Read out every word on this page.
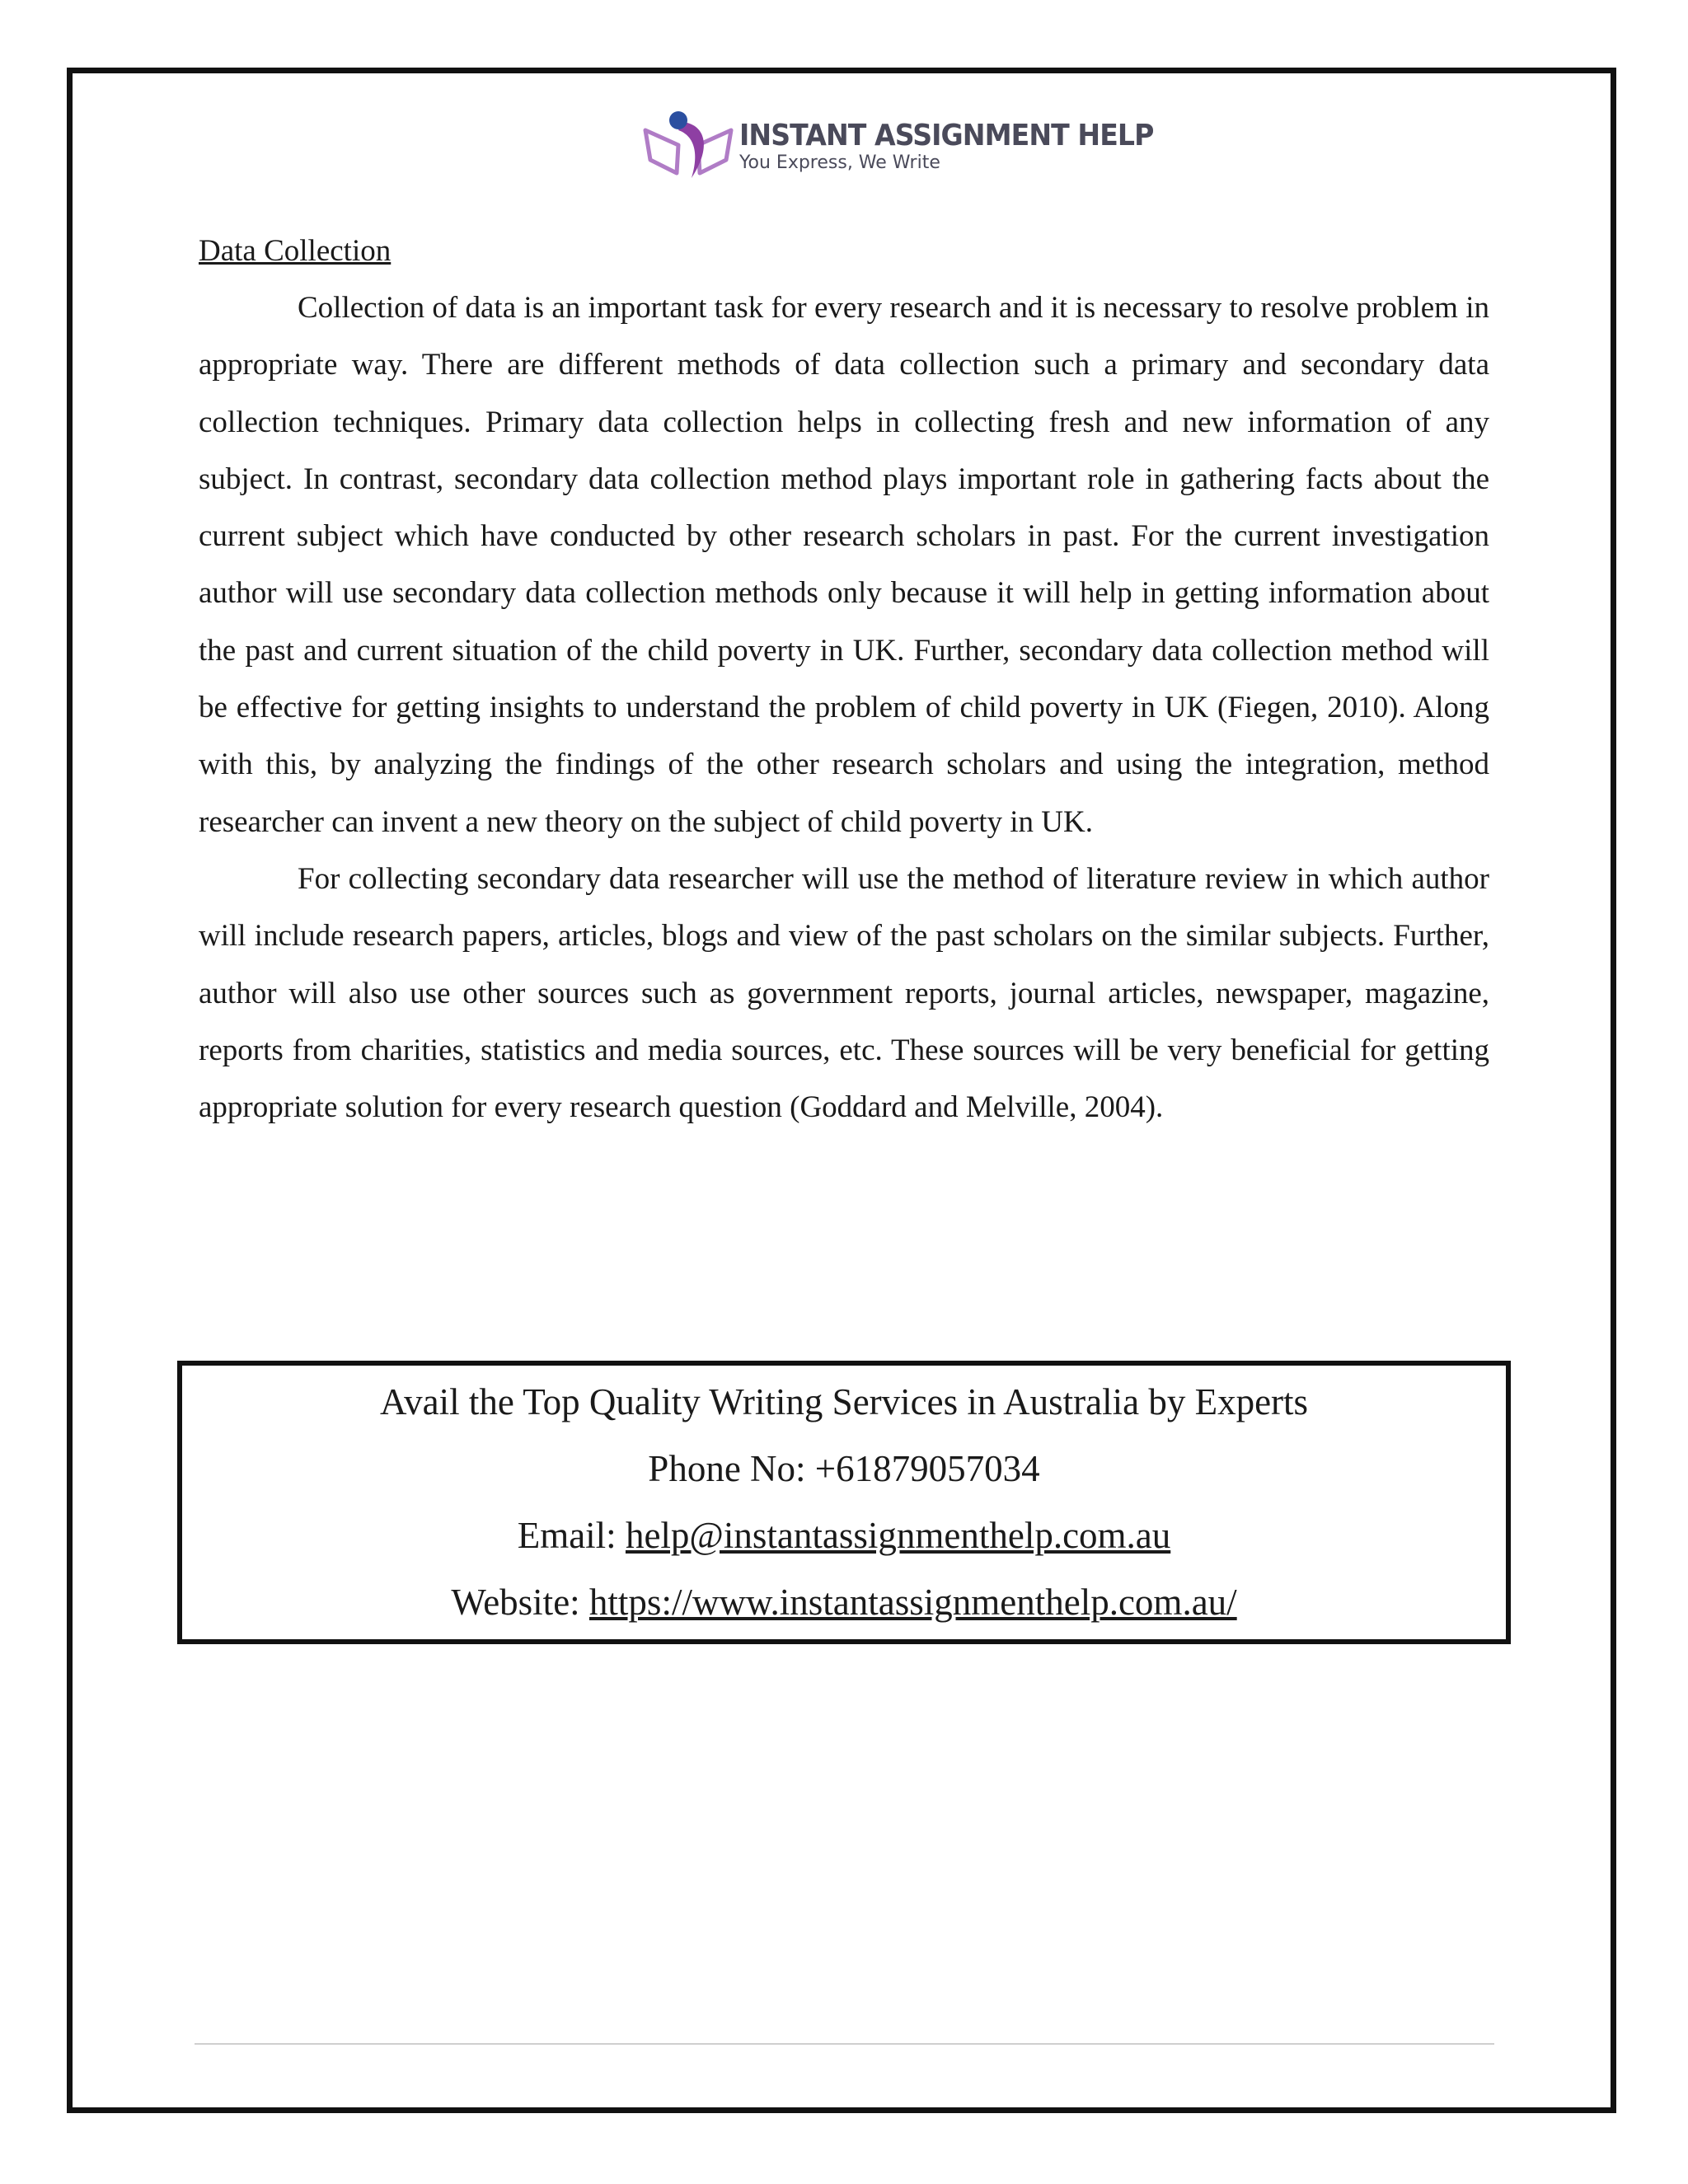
INSTANT ASSIGNMENT HELP
You Express, We Write

Data Collection

Collection of data is an important task for every research and it is necessary to resolve problem in appropriate way. There are different methods of data collection such a primary and secondary data collection techniques. Primary data collection helps in collecting fresh and new information of any subject. In contrast, secondary data collection method plays important role in gathering facts about the current subject which have conducted by other research scholars in past. For the current investigation author will use secondary data collection methods only because it will help in getting information about the past and current situation of the child poverty in UK. Further, secondary data collection method will be effective for getting insights to understand the problem of child poverty in UK (Fiegen, 2010). Along with this, by analyzing the findings of the other research scholars and using the integration, method researcher can invent a new theory on the subject of child poverty in UK.

For collecting secondary data researcher will use the method of literature review in which author will include research papers, articles, blogs and view of the past scholars on the similar subjects. Further, author will also use other sources such as government reports, journal articles, newspaper, magazine, reports from charities, statistics and media sources, etc. These sources will be very beneficial for getting appropriate solution for every research question (Goddard and Melville, 2004).

Avail the Top Quality Writing Services in Australia by Experts
Phone No: +61879057034
Email: help@instantassignmenthelp.com.au
Website: https://www.instantassignmenthelp.com.au/
